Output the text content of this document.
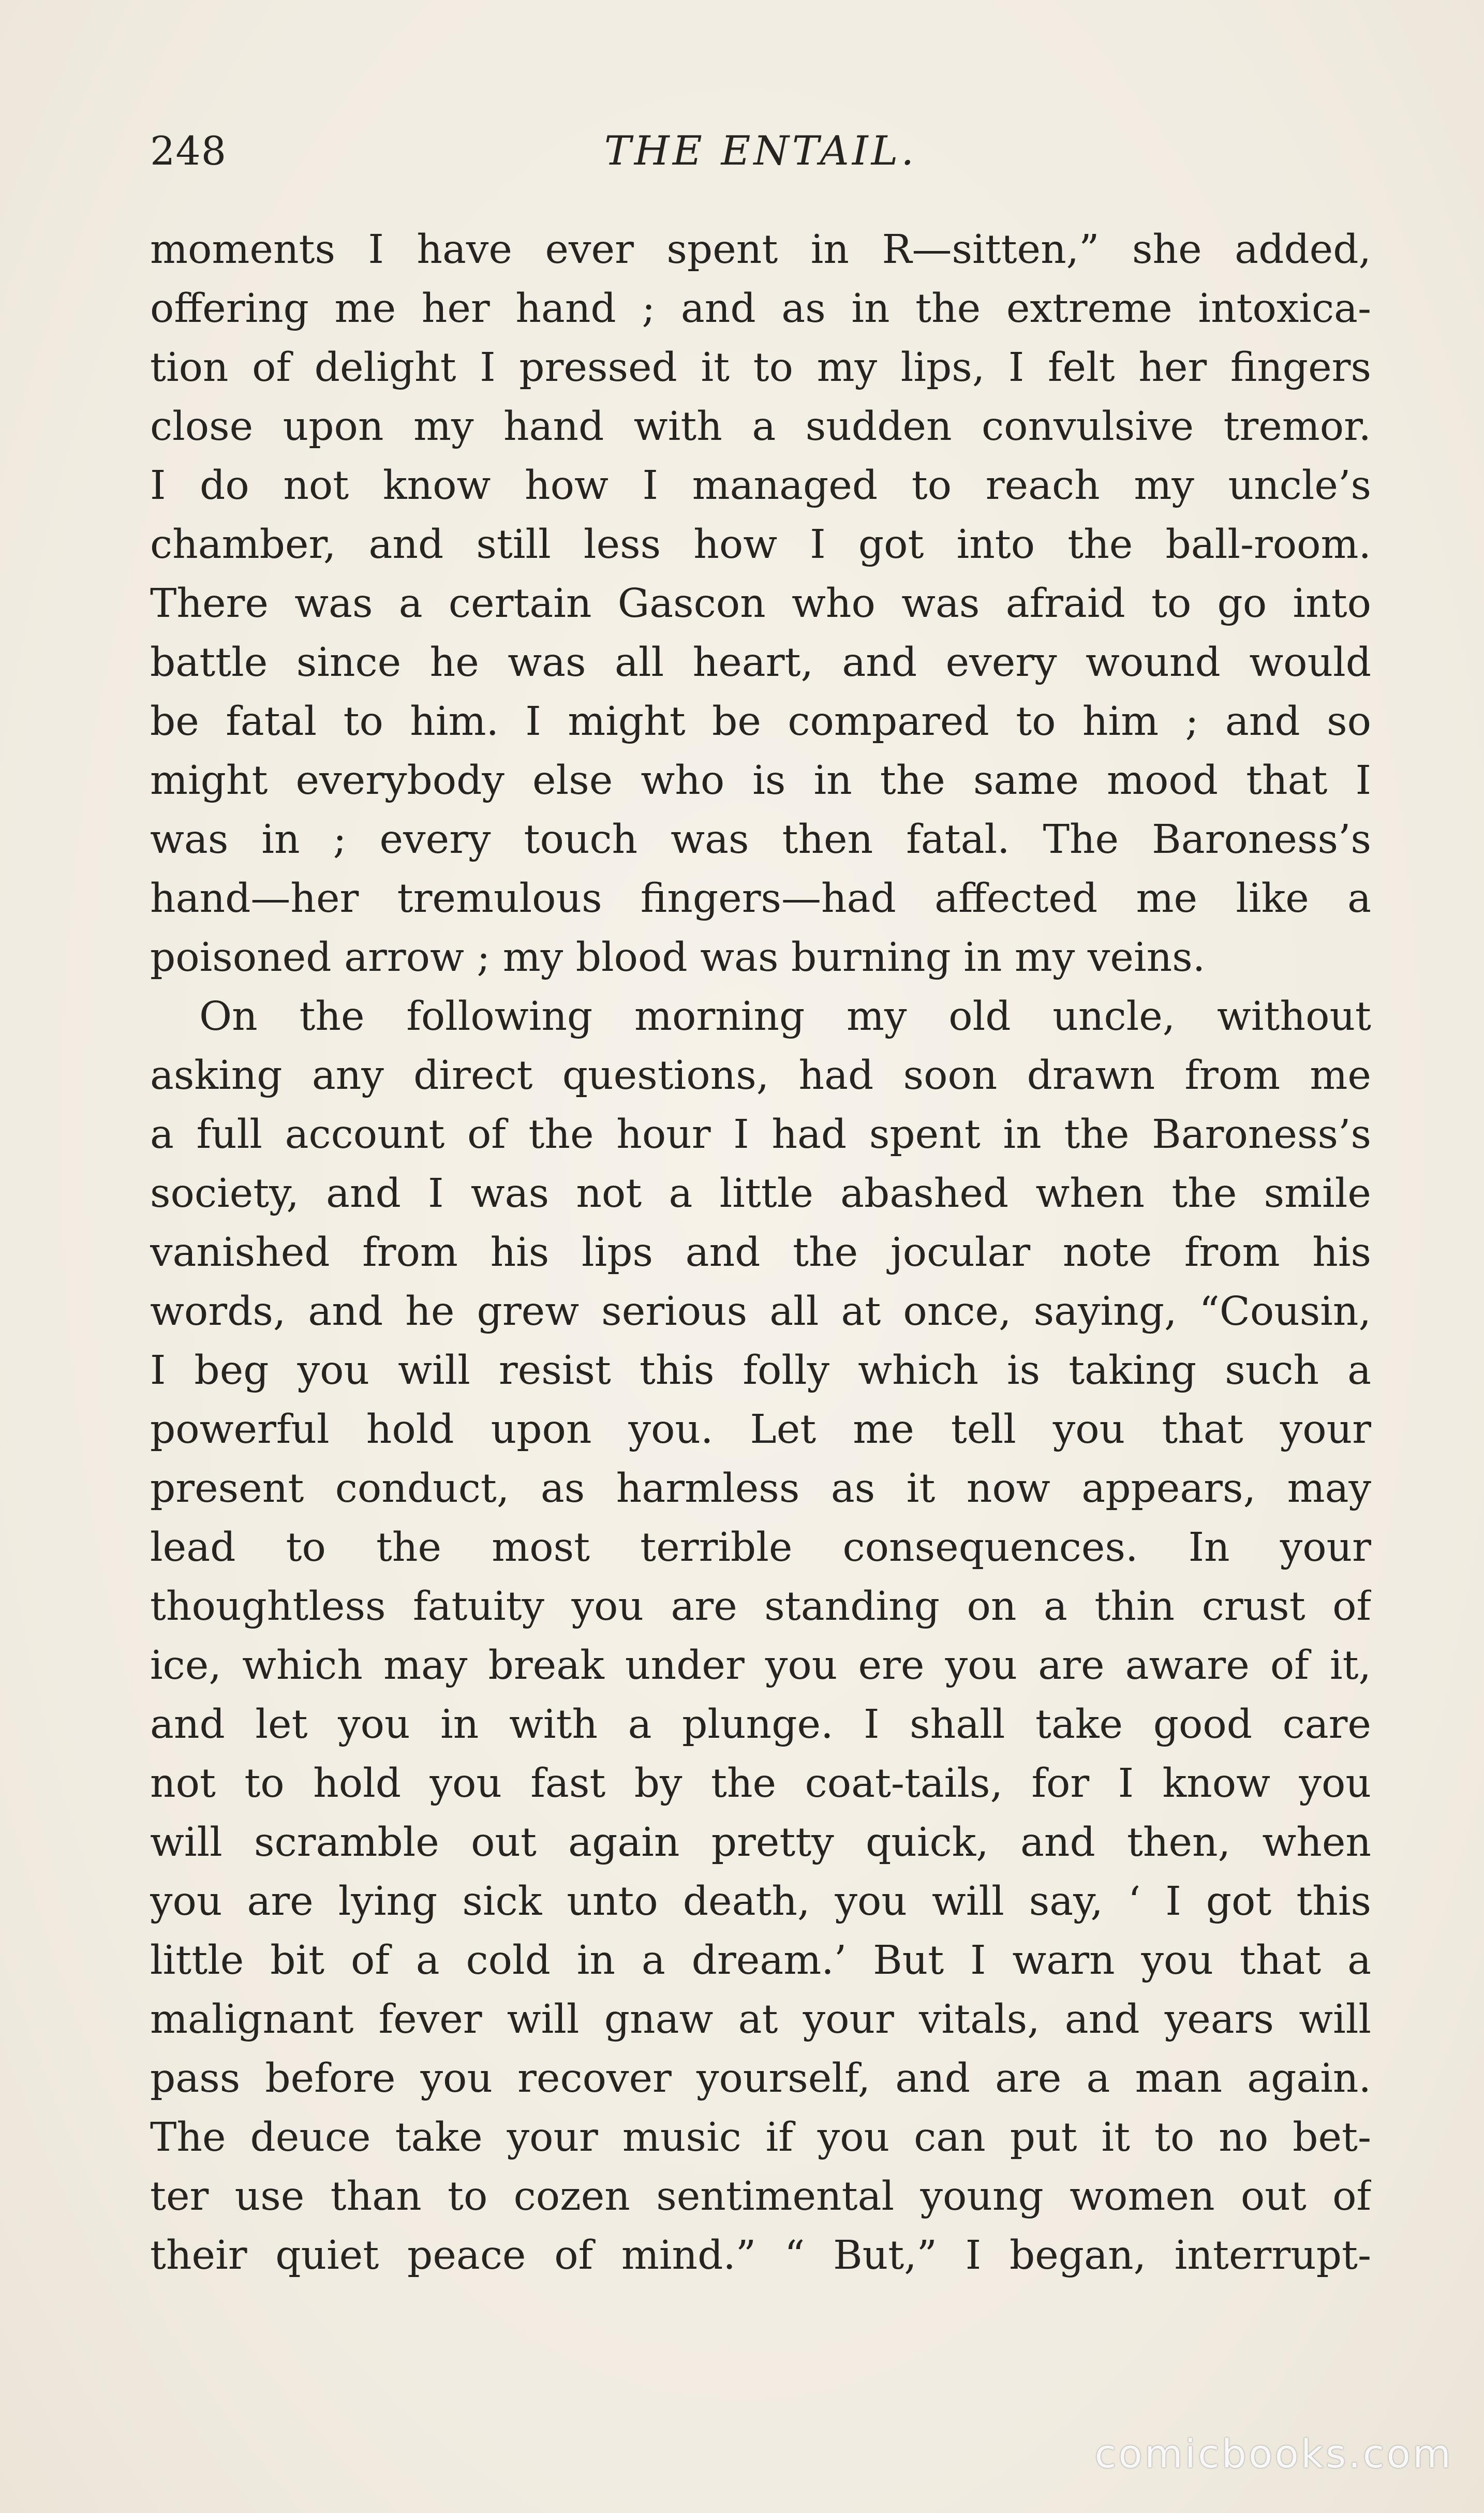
248	THE ENTAIL.
moments I have ever spent in R—sitten,” she added,
offering me her hand ; and as in the extreme intoxica-
tion of delight I pressed it to my lips, I felt her fingers
close upon my hand with a sudden convulsive tremor.
I do not know how I managed to reach my uncle’s
chamber, and still less how I got into the ball-room.
There was a certain Gascon who was afraid to go into
battle since he was all heart, and every wound would
be fatal to him. I might be compared to him ; and so
might everybody else who is in the same mood that I
was in ; every touch was then fatal. The Baroness’s
hand—her tremulous fingers—had affected me like a
poisoned arrow ; my blood was burning in my veins.
On the following morning my old uncle, without
asking any direct questions, had soon drawn from me
a full account of the hour I had spent in the Baroness’s
society, and I was not a little abashed when the smile
vanished from his lips and the jocular note from his
words, and he grew serious all at once, saying, “Cousin,
I beg you will resist this folly which is taking such a
powerful hold upon you. Let me tell you that your
present conduct, as harmless as it now appears, may
lead to the most terrible consequences. In your
thoughtless fatuity you are standing on a thin crust of
ice, which may break under you ere you are aware of it,
and let you in with a plunge. I shall take good care
not to hold you fast by the coat-tails, for I know you
will scramble out again pretty quick, and then, when
you are lying sick unto death, you will say, ‘ I got this
little bit of a cold in a dream.’ But I warn you that a
malignant fever will gnaw at your vitals, and years will
pass before you recover yourself, and are a man again.
The deuce take your music if you can put it to no bet-
ter use than to cozen sentimental young women out of
their quiet peace of mind.” “ But,” I began, interrupt-
comicbooks.com
